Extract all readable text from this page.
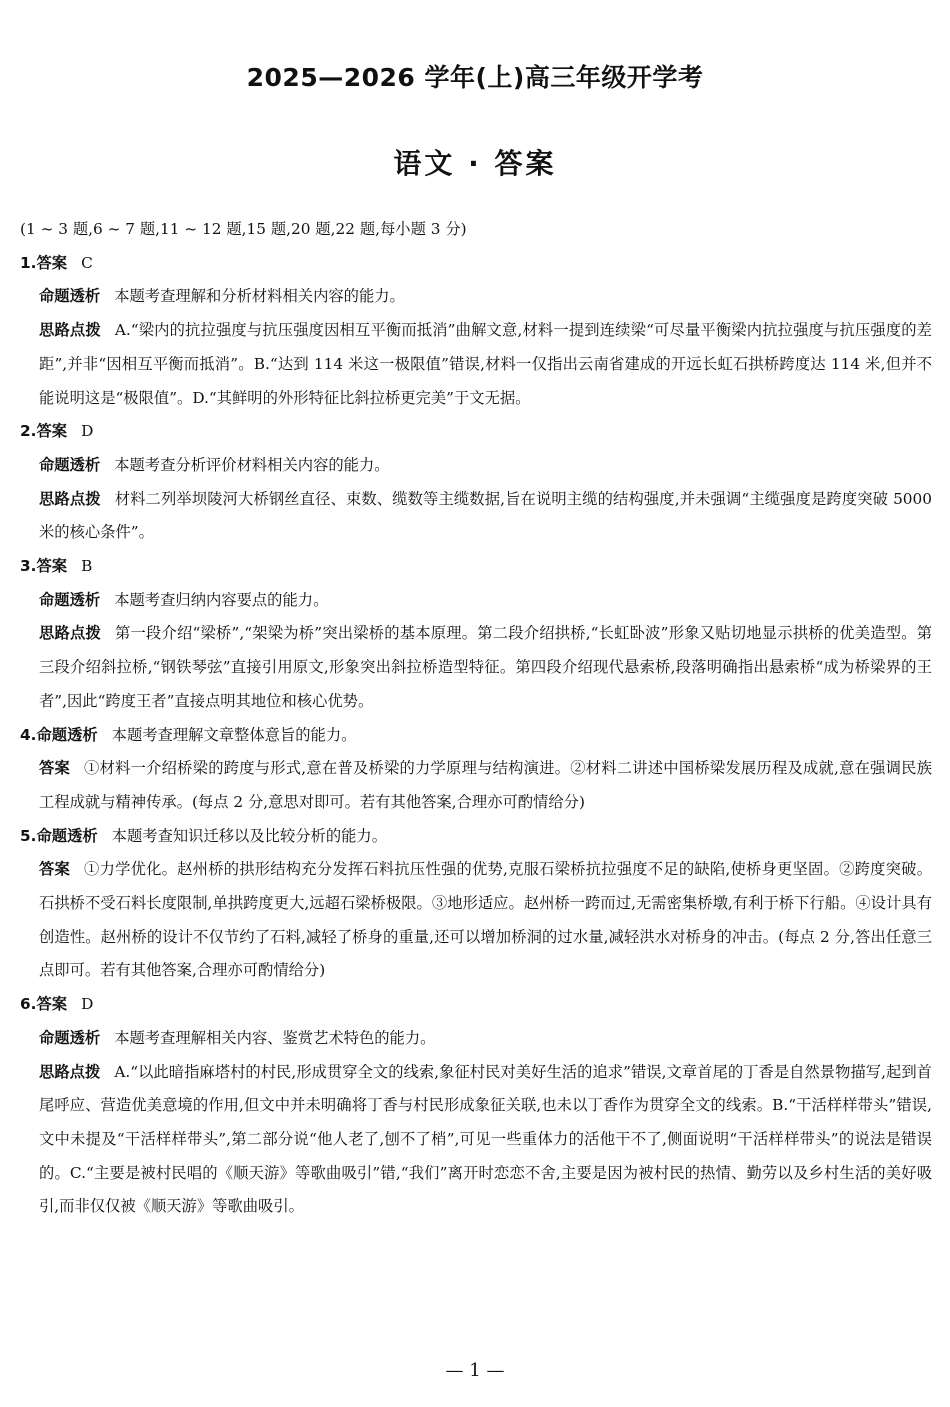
2025—2026 学年(上)高三年级开学考
语文 · 答案

(1 ~ 3 题,6 ~ 7 题,11 ~ 12 题,15 题,20 题,22 题,每小题 3 分)

1.答案 C

命题透析 本题考查理解和分析材料相关内容的能力。

思路点拨 A.“梁内的抗拉强度与抗压强度因相互平衡而抵消”曲解文意,材料一提到连续梁“可尽量平衡梁内抗拉强度与抗压强度的差距”,并非“因相互平衡而抵消”。B.“达到 114 米这一极限值”错误,材料一仅指出云南省建成的开远长虹石拱桥跨度达 114 米,但并不能说明这是“极限值”。D.“其鲜明的外形特征比斜拉桥更完美”于文无据。

2.答案 D

命题透析 本题考查分析评价材料相关内容的能力。

思路点拨 材料二列举坝陵河大桥钢丝直径、束数、缆数等主缆数据,旨在说明主缆的结构强度,并未强调“主缆强度是跨度突破 5000 米的核心条件”。

3.答案 B

命题透析 本题考查归纳内容要点的能力。

思路点拨 第一段介绍“梁桥”,“架梁为桥”突出梁桥的基本原理。第二段介绍拱桥,“长虹卧波”形象又贴切地显示拱桥的优美造型。第三段介绍斜拉桥,“钢铁琴弦”直接引用原文,形象突出斜拉桥造型特征。第四段介绍现代悬索桥,段落明确指出悬索桥“成为桥梁界的王者”,因此“跨度王者”直接点明其地位和核心优势。

4.命题透析 本题考查理解文章整体意旨的能力。

答案 ①材料一介绍桥梁的跨度与形式,意在普及桥梁的力学原理与结构演进。②材料二讲述中国桥梁发展历程及成就,意在强调民族工程成就与精神传承。(每点 2 分,意思对即可。若有其他答案,合理亦可酌情给分)

5.命题透析 本题考查知识迁移以及比较分析的能力。

答案 ①力学优化。赵州桥的拱形结构充分发挥石料抗压性强的优势,克服石梁桥抗拉强度不足的缺陷,使桥身更坚固。②跨度突破。石拱桥不受石料长度限制,单拱跨度更大,远超石梁桥极限。③地形适应。赵州桥一跨而过,无需密集桥墩,有利于桥下行船。④设计具有创造性。赵州桥的设计不仅节约了石料,减轻了桥身的重量,还可以增加桥洞的过水量,减轻洪水对桥身的冲击。(每点 2 分,答出任意三点即可。若有其他答案,合理亦可酌情给分)

6.答案 D

命题透析 本题考查理解相关内容、鉴赏艺术特色的能力。

思路点拨 A.“以此暗指麻塔村的村民,形成贯穿全文的线索,象征村民对美好生活的追求”错误,文章首尾的丁香是自然景物描写,起到首尾呼应、营造优美意境的作用,但文中并未明确将丁香与村民形成象征关联,也未以丁香作为贯穿全文的线索。B.“干活样样带头”错误,文中未提及“干活样样带头”,第二部分说“他人老了,刨不了梢”,可见一些重体力的活他干不了,侧面说明“干活样样带头”的说法是错误的。C.“主要是被村民唱的《顺天游》等歌曲吸引”错,“我们”离开时恋恋不舍,主要是因为被村民的热情、勤劳以及乡村生活的美好吸引,而非仅仅被《顺天游》等歌曲吸引。

— 1 —
